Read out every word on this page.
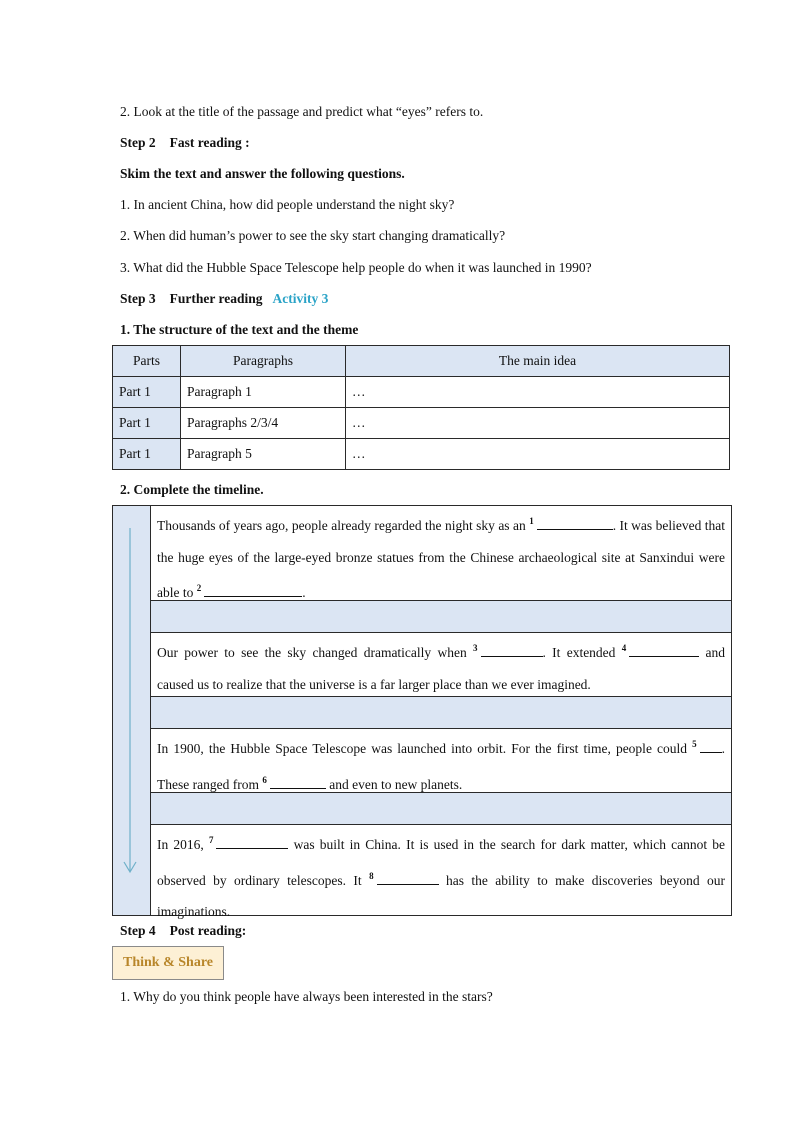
2. Look at the title of the passage and predict what “eyes” refers to.
Step 2 Fast reading :
Skim the text and answer the following questions.
1. In ancient China, how did people understand the night sky?
2. When did human’s power to see the sky start changing dramatically?
3. What did the Hubble Space Telescope help people do when it was launched in 1990?
Step 3 Further reading Activity 3
1. The structure of the text and the theme
Parts	Paragraphs	The main idea
Part 1	Paragraph 1	…
Part 1	Paragraphs 2/3/4	…
Part 1	Paragraph 5	…
2. Complete the timeline.
Thousands of years ago, people already regarded the night sky as an $^1$	. It was believed that the huge eyes of the large-eyed bronze statues from the Chinese archaeological site at Sanxindui were able to $^2$	.
Our power to see the sky changed dramatically when $^3$	. It extended $^4$	and caused us to realize that the universe is a far larger place than we ever imagined.
In 1900, the Hubble Space Telescope was launched into orbit. For the first time, people could $^5$ . These ranged from $^6$	and even to new planets.
In 2016, $^7$	was built in China. It is used in the search for dark matter, which cannot be observed by ordinary telescopes. It $^8$	has the ability to make discoveries beyond our imaginations.
Step 4 Post reading:
Think & Share
1. Why do you think people have always been interested in the stars?
